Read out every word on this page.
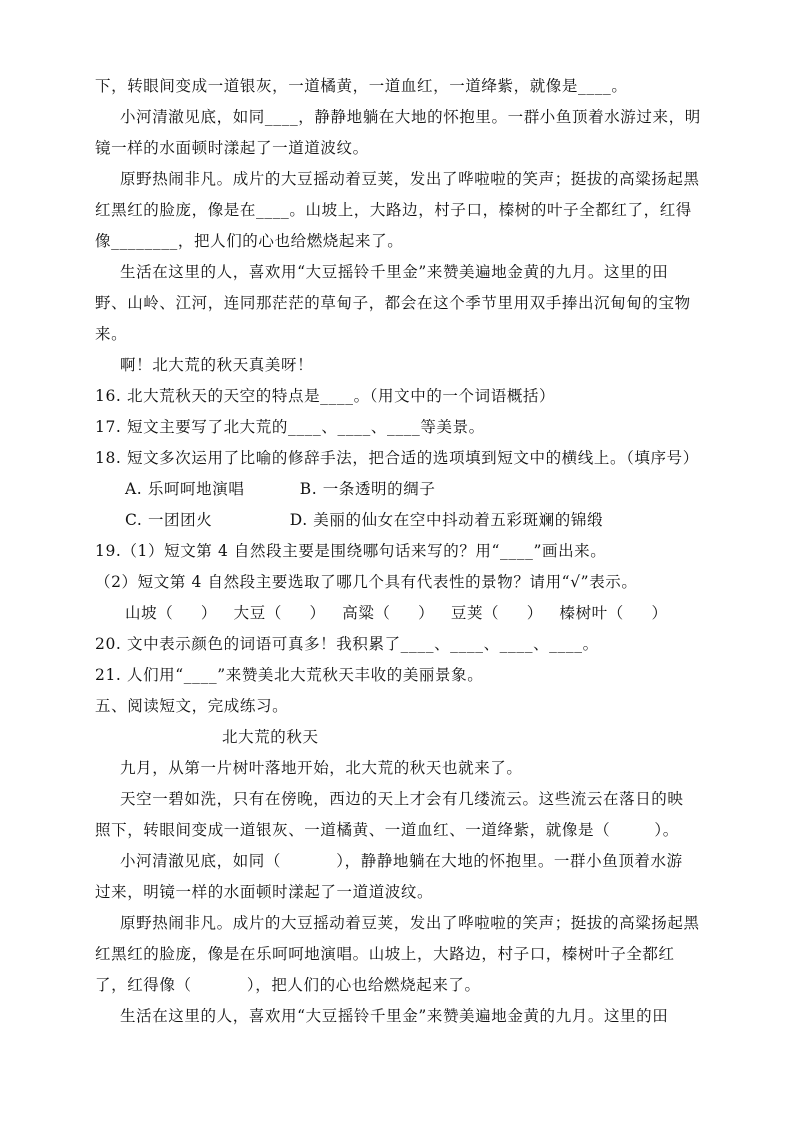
下，转眼间变成一道银灰，一道橘黄，一道血红，一道绛紫，就像是____。
小河清澈见底，如同____，静静地躺在大地的怀抱里。一群小鱼顶着水游过来，明
镜一样的水面顿时漾起了一道道波纹。
原野热闹非凡。成片的大豆摇动着豆荚，发出了哗啦啦的笑声；挺拔的高粱扬起黑
红黑红的脸庞，像是在____。山坡上，大路边，村子口，榛树的叶子全都红了，红得
像________，把人们的心也给燃烧起来了。
生活在这里的人，喜欢用“大豆摇铃千里金”来赞美遍地金黄的九月。这里的田
野、山岭、江河，连同那茫茫的草甸子，都会在这个季节里用双手捧出沉甸甸的宝物
来。
啊！北大荒的秋天真美呀！
16. 北大荒秋天的天空的特点是____。（用文中的一个词语概括）
17. 短文主要写了北大荒的____、____、____等美景。
18. 短文多次运用了比喻的修辞手法，把合适的选项填到短文中的横线上。（填序号）
A. 乐呵呵地演唱          B. 一条透明的绸子
C. 一团团火              D. 美丽的仙女在空中抖动着五彩斑斓的锦缎
19.（1）短文第 4 自然段主要是围绕哪句话来写的？用“____”画出来。
（2）短文第 4 自然段主要选取了哪几个具有代表性的景物？请用“√”表示。
山坡（     ）   大豆（     ）   高粱（     ）   豆荚（     ）   榛树叶（     ）
20. 文中表示颜色的词语可真多！我积累了____、____、____、____。
21. 人们用“____”来赞美北大荒秋天丰收的美丽景象。
五、阅读短文，完成练习。
北大荒的秋天
九月，从第一片树叶落地开始，北大荒的秋天也就来了。
天空一碧如洗，只有在傍晚，西边的天上才会有几缕流云。这些流云在落日的映
照下，转眼间变成一道银灰、一道橘黄、一道血红、一道绛紫，就像是（        ）。
小河清澈见底，如同（          ），静静地躺在大地的怀抱里。一群小鱼顶着水游
过来，明镜一样的水面顿时漾起了一道道波纹。
原野热闹非凡。成片的大豆摇动着豆荚，发出了哗啦啦的笑声；挺拔的高粱扬起黑
红黑红的脸庞，像是在乐呵呵地演唱。山坡上，大路边，村子口，榛树叶子全都红
了，红得像（          ），把人们的心也给燃烧起来了。
生活在这里的人，喜欢用“大豆摇铃千里金”来赞美遍地金黄的九月。这里的田
